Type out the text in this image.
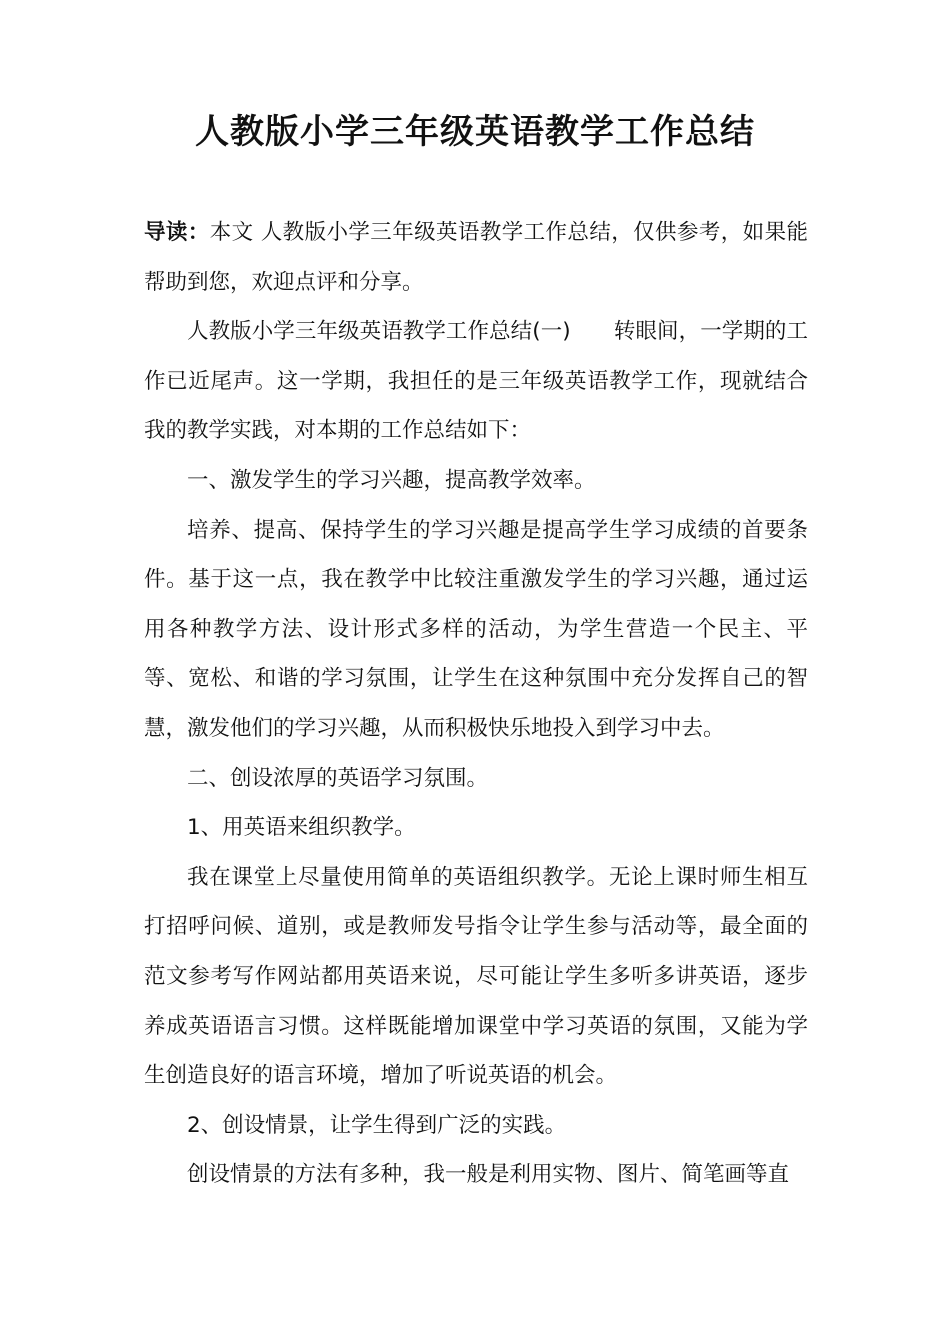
人教版小学三年级英语教学工作总结

导读：本文 人教版小学三年级英语教学工作总结，仅供参考，如果能帮助到您，欢迎点评和分享。

人教版小学三年级英语教学工作总结(一)　　转眼间，一学期的工作已近尾声。这一学期，我担任的是三年级英语教学工作，现就结合我的教学实践，对本期的工作总结如下：

一、激发学生的学习兴趣，提高教学效率。

培养、提高、保持学生的学习兴趣是提高学生学习成绩的首要条件。基于这一点，我在教学中比较注重激发学生的学习兴趣，通过运用各种教学方法、设计形式多样的活动，为学生营造一个民主、平等、宽松、和谐的学习氛围，让学生在这种氛围中充分发挥自己的智慧，激发他们的学习兴趣，从而积极快乐地投入到学习中去。

二、创设浓厚的英语学习氛围。

1、用英语来组织教学。

我在课堂上尽量使用简单的英语组织教学。无论上课时师生相互打招呼问候、道别，或是教师发号指令让学生参与活动等，最全面的范文参考写作网站都用英语来说，尽可能让学生多听多讲英语，逐步养成英语语言习惯。这样既能增加课堂中学习英语的氛围，又能为学生创造良好的语言环境，增加了听说英语的机会。

2、创设情景，让学生得到广泛的实践。

创设情景的方法有多种，我一般是利用实物、图片、简笔画等直
